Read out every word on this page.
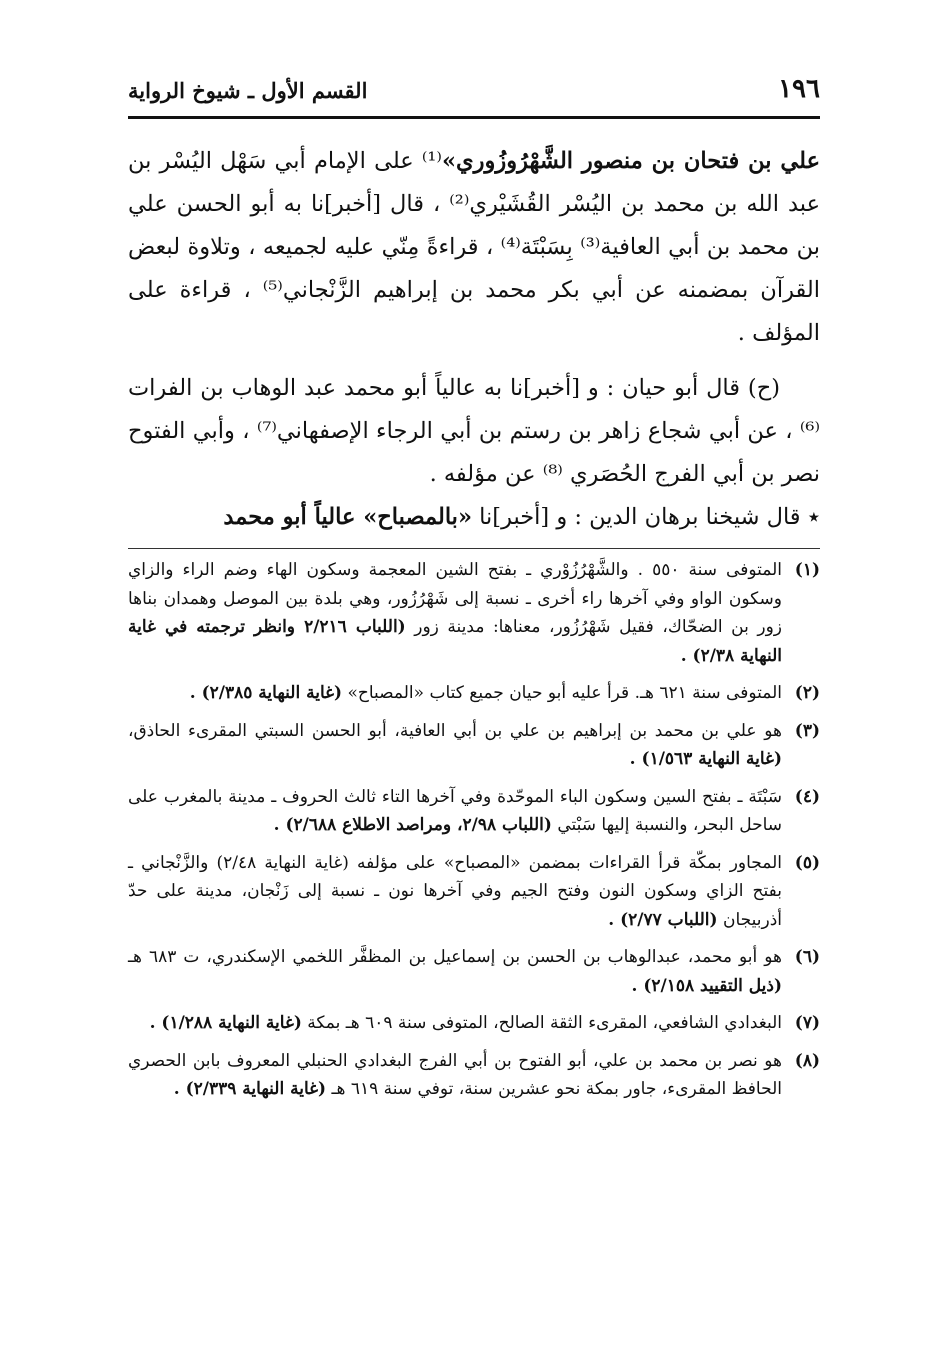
١٩٦
القسم الأول ـ شيوخ الرواية

علي بن فتحان بن منصور الشَّهْرُوزُوري»⁽¹⁾ على الإمام أبي سَهْل اليُسْر بن عبد الله بن محمد بن اليُسْر القُشَيْري⁽²⁾ ، قال [أخبر]نا به أبو الحسن علي بن محمد بن أبي العافية⁽³⁾ بِسَبْتَة⁽⁴⁾ ، قراءةً مِنّي عليه لجميعه ، وتلاوة لبعض القرآن بمضمنه عن أبي بكر محمد بن إبراهيم الزَّنْجاني⁽⁵⁾ ، قراءة على المؤلف .

(ح) قال أبو حيان : و [أخبر]نا به عالياً أبو محمد عبد الوهاب بن الفرات ⁽⁶⁾ ، عن أبي شجاع زاهر بن رستم بن أبي الرجاء الإصفهاني⁽⁷⁾ ، وأبي الفتوح نصر بن أبي الفرج الحُصَري ⁽⁸⁾ عن مؤلفه .

٭ قال شيخنا برهان الدين : و [أخبر]نا «بالمصباح» عالياً أبو محمد

(١)
المتوفى سنة ٥٥٠ . والشَّهْرُزُوْري ـ بفتح الشين المعجمة وسكون الهاء وضم الراء والزاي وسكون الواو وفي آخرها راء أخرى ـ نسبة إلى شَهْرُزُور، وهي بلدة بين الموصل وهمدان بناها زور بن الضحّاك، فقيل شَهْرُزُور، معناها: مدينة زور (اللباب ٢/٢١٦ وانظر ترجمته في غاية النهاية ٢/٣٨) .
(٢)
المتوفى سنة ٦٢١ هـ. قرأ عليه أبو حيان جميع كتاب «المصباح» (غاية النهاية ٢/٣٨٥) .
(٣)
هو علي بن محمد بن إبراهيم بن علي بن أبي العافية، أبو الحسن السبتي المقرىء الحاذق، (غاية النهاية ١/٥٦٣) .
(٤)
سَبْتَة ـ بفتح السين وسكون الباء الموحّدة وفي آخرها التاء ثالث الحروف ـ مدينة بالمغرب على ساحل البحر، والنسبة إليها سَبْتي (اللباب ٢/٩٨، ومراصد الاطلاع ٢/٦٨٨) .
(٥)
المجاور بمكّة قرأ القراءات بمضمن «المصباح» على مؤلفه (غاية النهاية ٢/٤٨) والزَّنْجاني ـ بفتح الزاي وسكون النون وفتح الجيم وفي آخرها نون ـ نسبة إلى زَنْجان، مدينة على حدّ أذربيجان (اللباب ٢/٧٧) .
(٦)
هو أبو محمد، عبدالوهاب بن الحسن بن إسماعيل بن المظفَّر اللخمي الإسكندري، ت ٦٨٣ هـ (ذيل التقييد ٢/١٥٨) .
(٧)
البغدادي الشافعي، المقرىء الثقة الصالح، المتوفى سنة ٦٠٩ هـ بمكة (غاية النهاية ١/٢٨٨) .
(٨)
هو نصر بن محمد بن علي، أبو الفتوح بن أبي الفرج البغدادي الحنبلي المعروف بابن الحصري الحافظ المقرىء، جاور بمكة نحو عشرين سنة، توفي سنة ٦١٩ هـ (غاية النهاية ٢/٣٣٩) .
